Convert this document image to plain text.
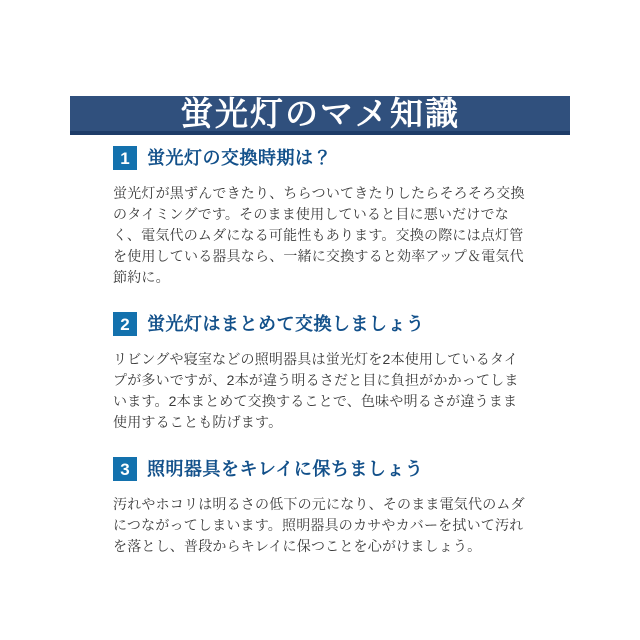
蛍光灯のマメ知識
1 蛍光灯の交換時期は？

蛍光灯が黒ずんできたり、ちらついてきたりしたらそろそろ交換のタイミングです。そのまま使用していると目に悪いだけでなく、電気代のムダになる可能性もあります。交換の際には点灯管を使用している器具なら、一緒に交換すると効率アップ＆電気代節約に。

2 蛍光灯はまとめて交換しましょう

リビングや寝室などの照明器具は蛍光灯を2本使用しているタイプが多いですが、2本が違う明るさだと目に負担がかかってしまいます。2本まとめて交換することで、色味や明るさが違うまま使用することも防げます。

3 照明器具をキレイに保ちましょう

汚れやホコリは明るさの低下の元になり、そのまま電気代のムダにつながってしまいます。照明器具のカサやカバーを拭いて汚れを落とし、普段からキレイに保つことを心がけましょう。
